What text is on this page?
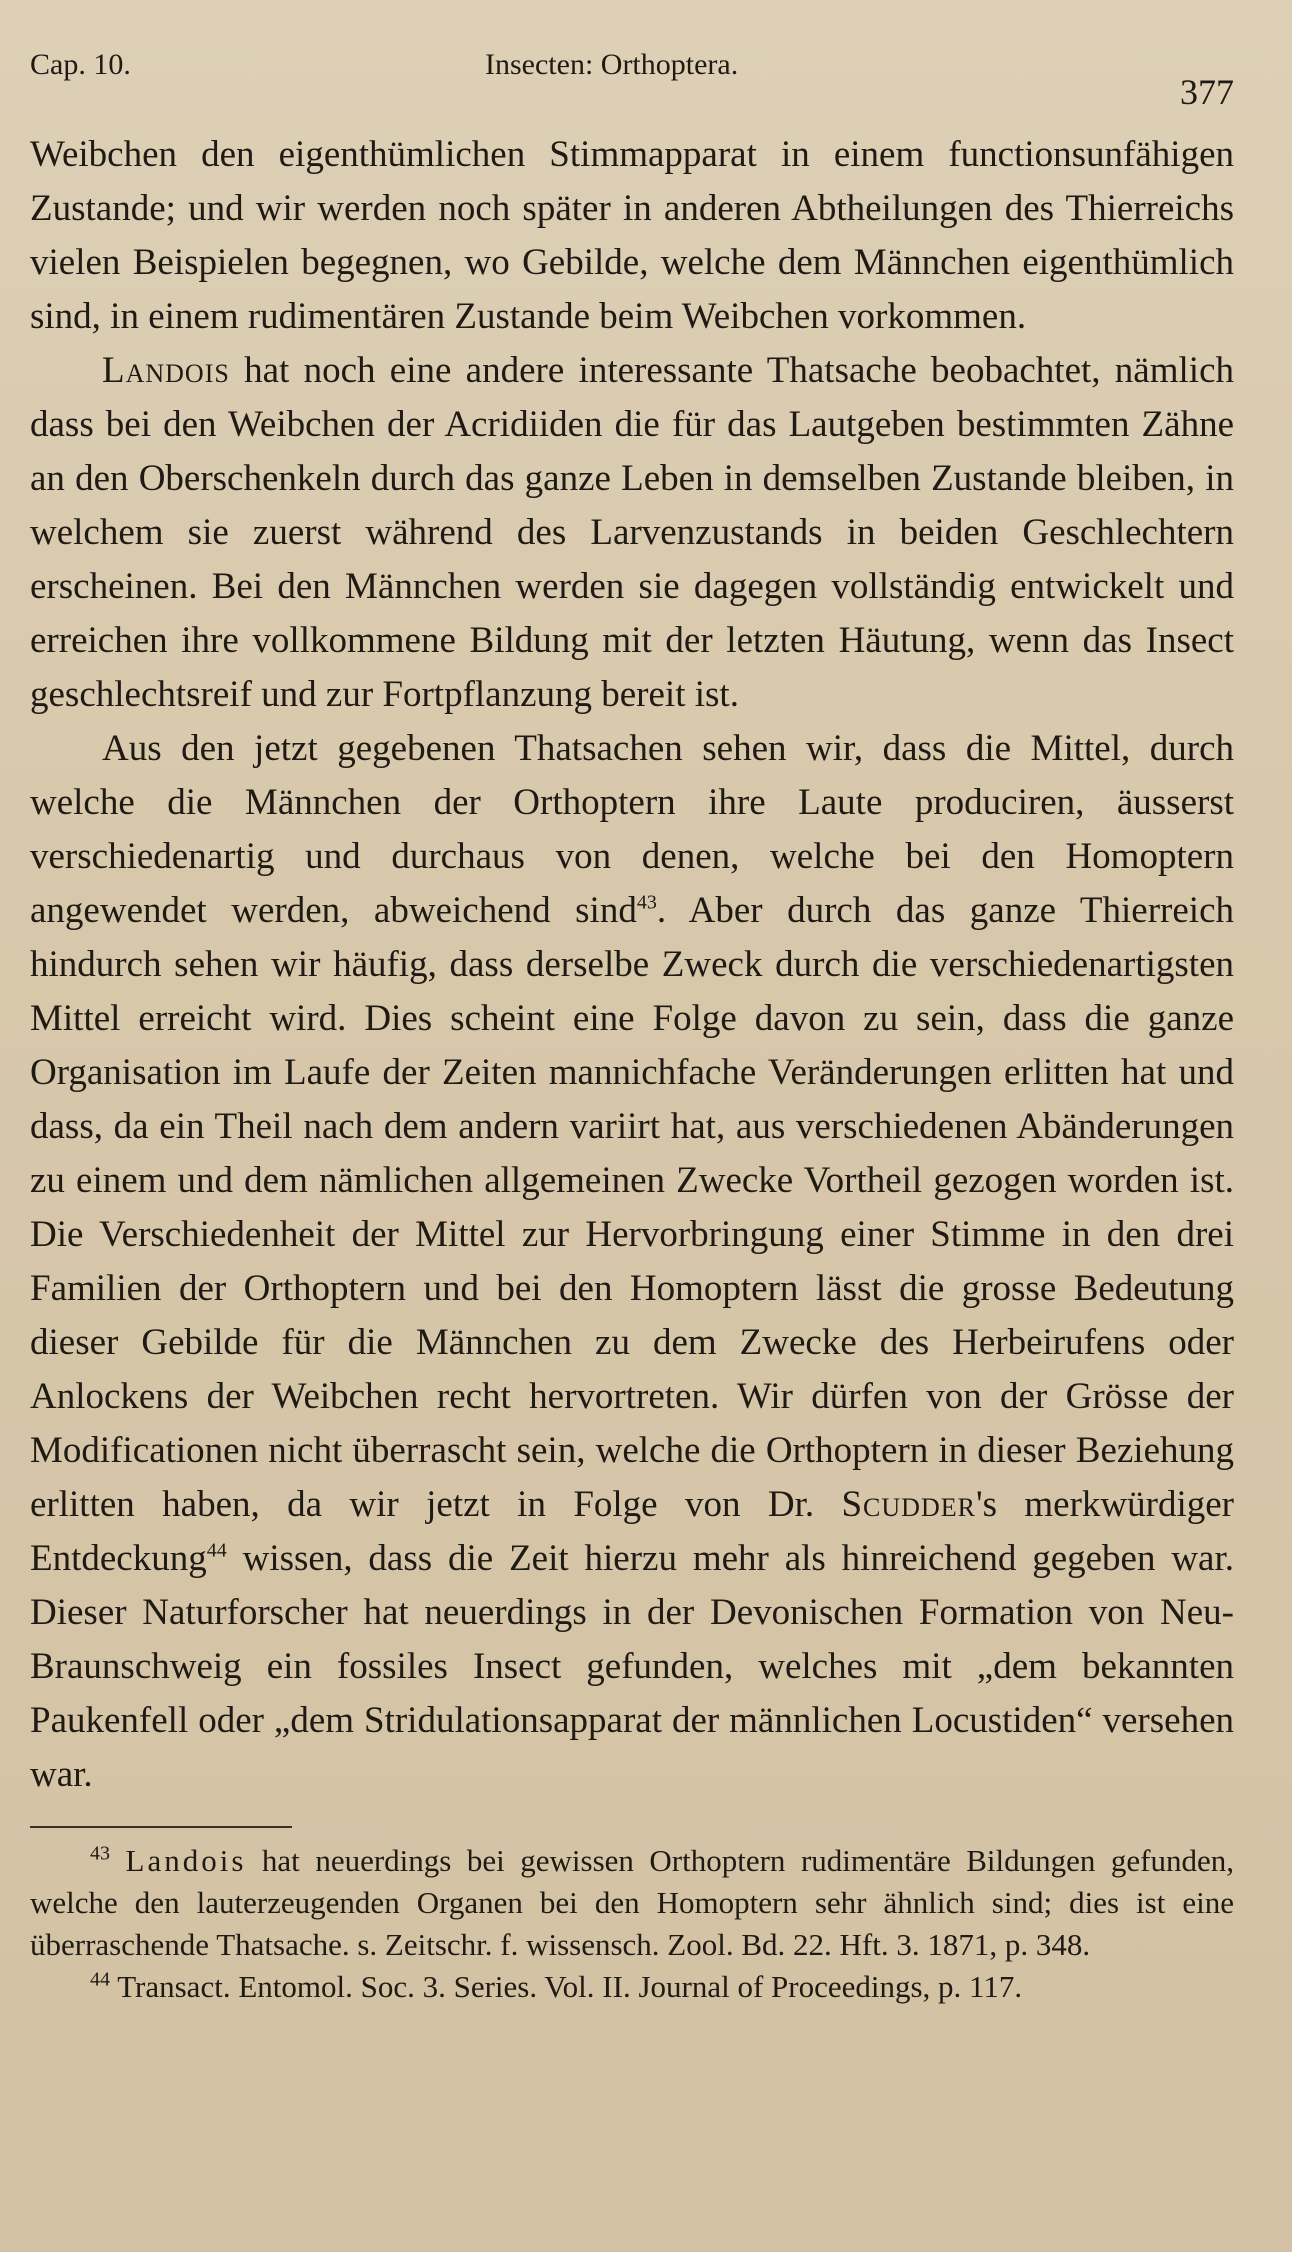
Cap. 10.	Insecten: Orthoptera.
377

Weibchen den eigenthümlichen Stimmapparat in einem functionsunfähigen Zustande; und wir werden noch später in anderen Abtheilungen des Thierreichs vielen Beispielen begegnen, wo Gebilde, welche dem Männchen eigenthümlich sind, in einem rudimentären Zustande beim Weibchen vorkommen.

Landois hat noch eine andere interessante Thatsache beobachtet, nämlich dass bei den Weibchen der Acridiiden die für das Lautgeben bestimmten Zähne an den Oberschenkeln durch das ganze Leben in demselben Zustande bleiben, in welchem sie zuerst während des Larvenzustands in beiden Geschlechtern erscheinen. Bei den Männchen werden sie dagegen vollständig entwickelt und erreichen ihre vollkommene Bildung mit der letzten Häutung, wenn das Insect geschlechtsreif und zur Fortpflanzung bereit ist.

Aus den jetzt gegebenen Thatsachen sehen wir, dass die Mittel, durch welche die Männchen der Orthoptern ihre Laute produciren, äusserst verschiedenartig und durchaus von denen, welche bei den Homoptern angewendet werden, abweichend sind$^{43}$. Aber durch das ganze Thierreich hindurch sehen wir häufig, dass derselbe Zweck durch die verschiedenartigsten Mittel erreicht wird. Dies scheint eine Folge davon zu sein, dass die ganze Organisation im Laufe der Zeiten mannichfache Veränderungen erlitten hat und dass, da ein Theil nach dem andern variirt hat, aus verschiedenen Abänderungen zu einem und dem nämlichen allgemeinen Zwecke Vortheil gezogen worden ist. Die Verschiedenheit der Mittel zur Hervorbringung einer Stimme in den drei Familien der Orthoptern und bei den Homoptern lässt die grosse Bedeutung dieser Gebilde für die Männchen zu dem Zwecke des Herbeirufens oder Anlockens der Weibchen recht hervortreten. Wir dürfen von der Grösse der Modificationen nicht überrascht sein, welche die Orthoptern in dieser Beziehung erlitten haben, da wir jetzt in Folge von Dr. Scudder's merkwürdiger Entdeckung$^{44}$ wissen, dass die Zeit hierzu mehr als hinreichend gegeben war. Dieser Naturforscher hat neuerdings in der Devonischen Formation von Neu-Braunschweig ein fossiles Insect gefunden, welches mit „dem bekannten Paukenfell oder „dem Stridulationsapparat der männlichen Locustiden“ versehen war.

$^{43}$ Landois hat neuerdings bei gewissen Orthoptern rudimentäre Bildungen gefunden, welche den lauterzeugenden Organen bei den Homoptern sehr ähnlich sind; dies ist eine überraschende Thatsache. s. Zeitschr. f. wissensch. Zool. Bd. 22. Hft. 3. 1871, p. 348.

$^{44}$ Transact. Entomol. Soc. 3. Series. Vol. II. Journal of Proceedings, p. 117.
